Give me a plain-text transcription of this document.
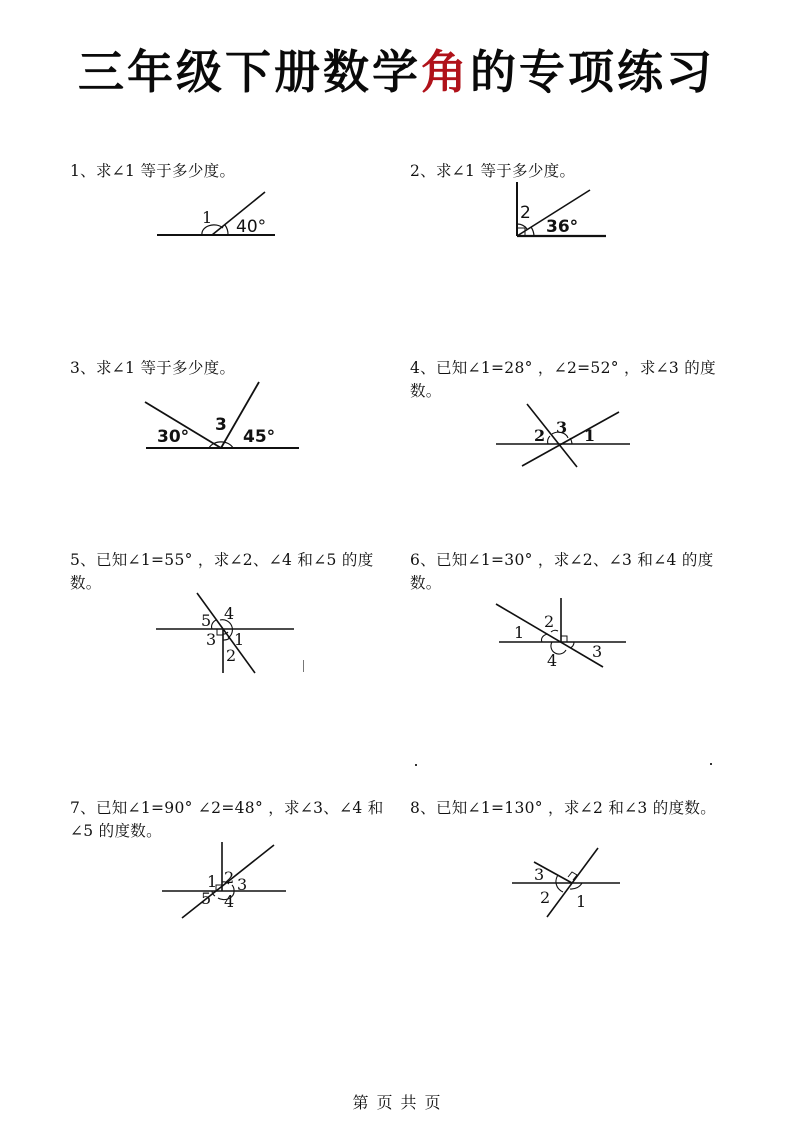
三年级下册数学角的专项练习
1、求∠1 等于多少度。
1 40°
2、求∠1 等于多少度。
2
36°
3、求∠1 等于多少度。
30°
3
45°
4、已知∠1=28° ，∠2=52° ，求∠3 的度数。
2 3 1
5、已知∠1=55° ，求∠2、∠4 和∠5 的度数。
5 4
3 1
2
6、已知∠1=30° ，求∠2、∠3 和∠4 的度数。
2
1
4 3
7、已知∠1=90° ∠2=48° ，求∠3、∠4 和∠5 的度数。
1 2 3
5 4
8、已知∠1=130° ，求∠2 和∠3 的度数。
3
2 1
第 页 共 页
